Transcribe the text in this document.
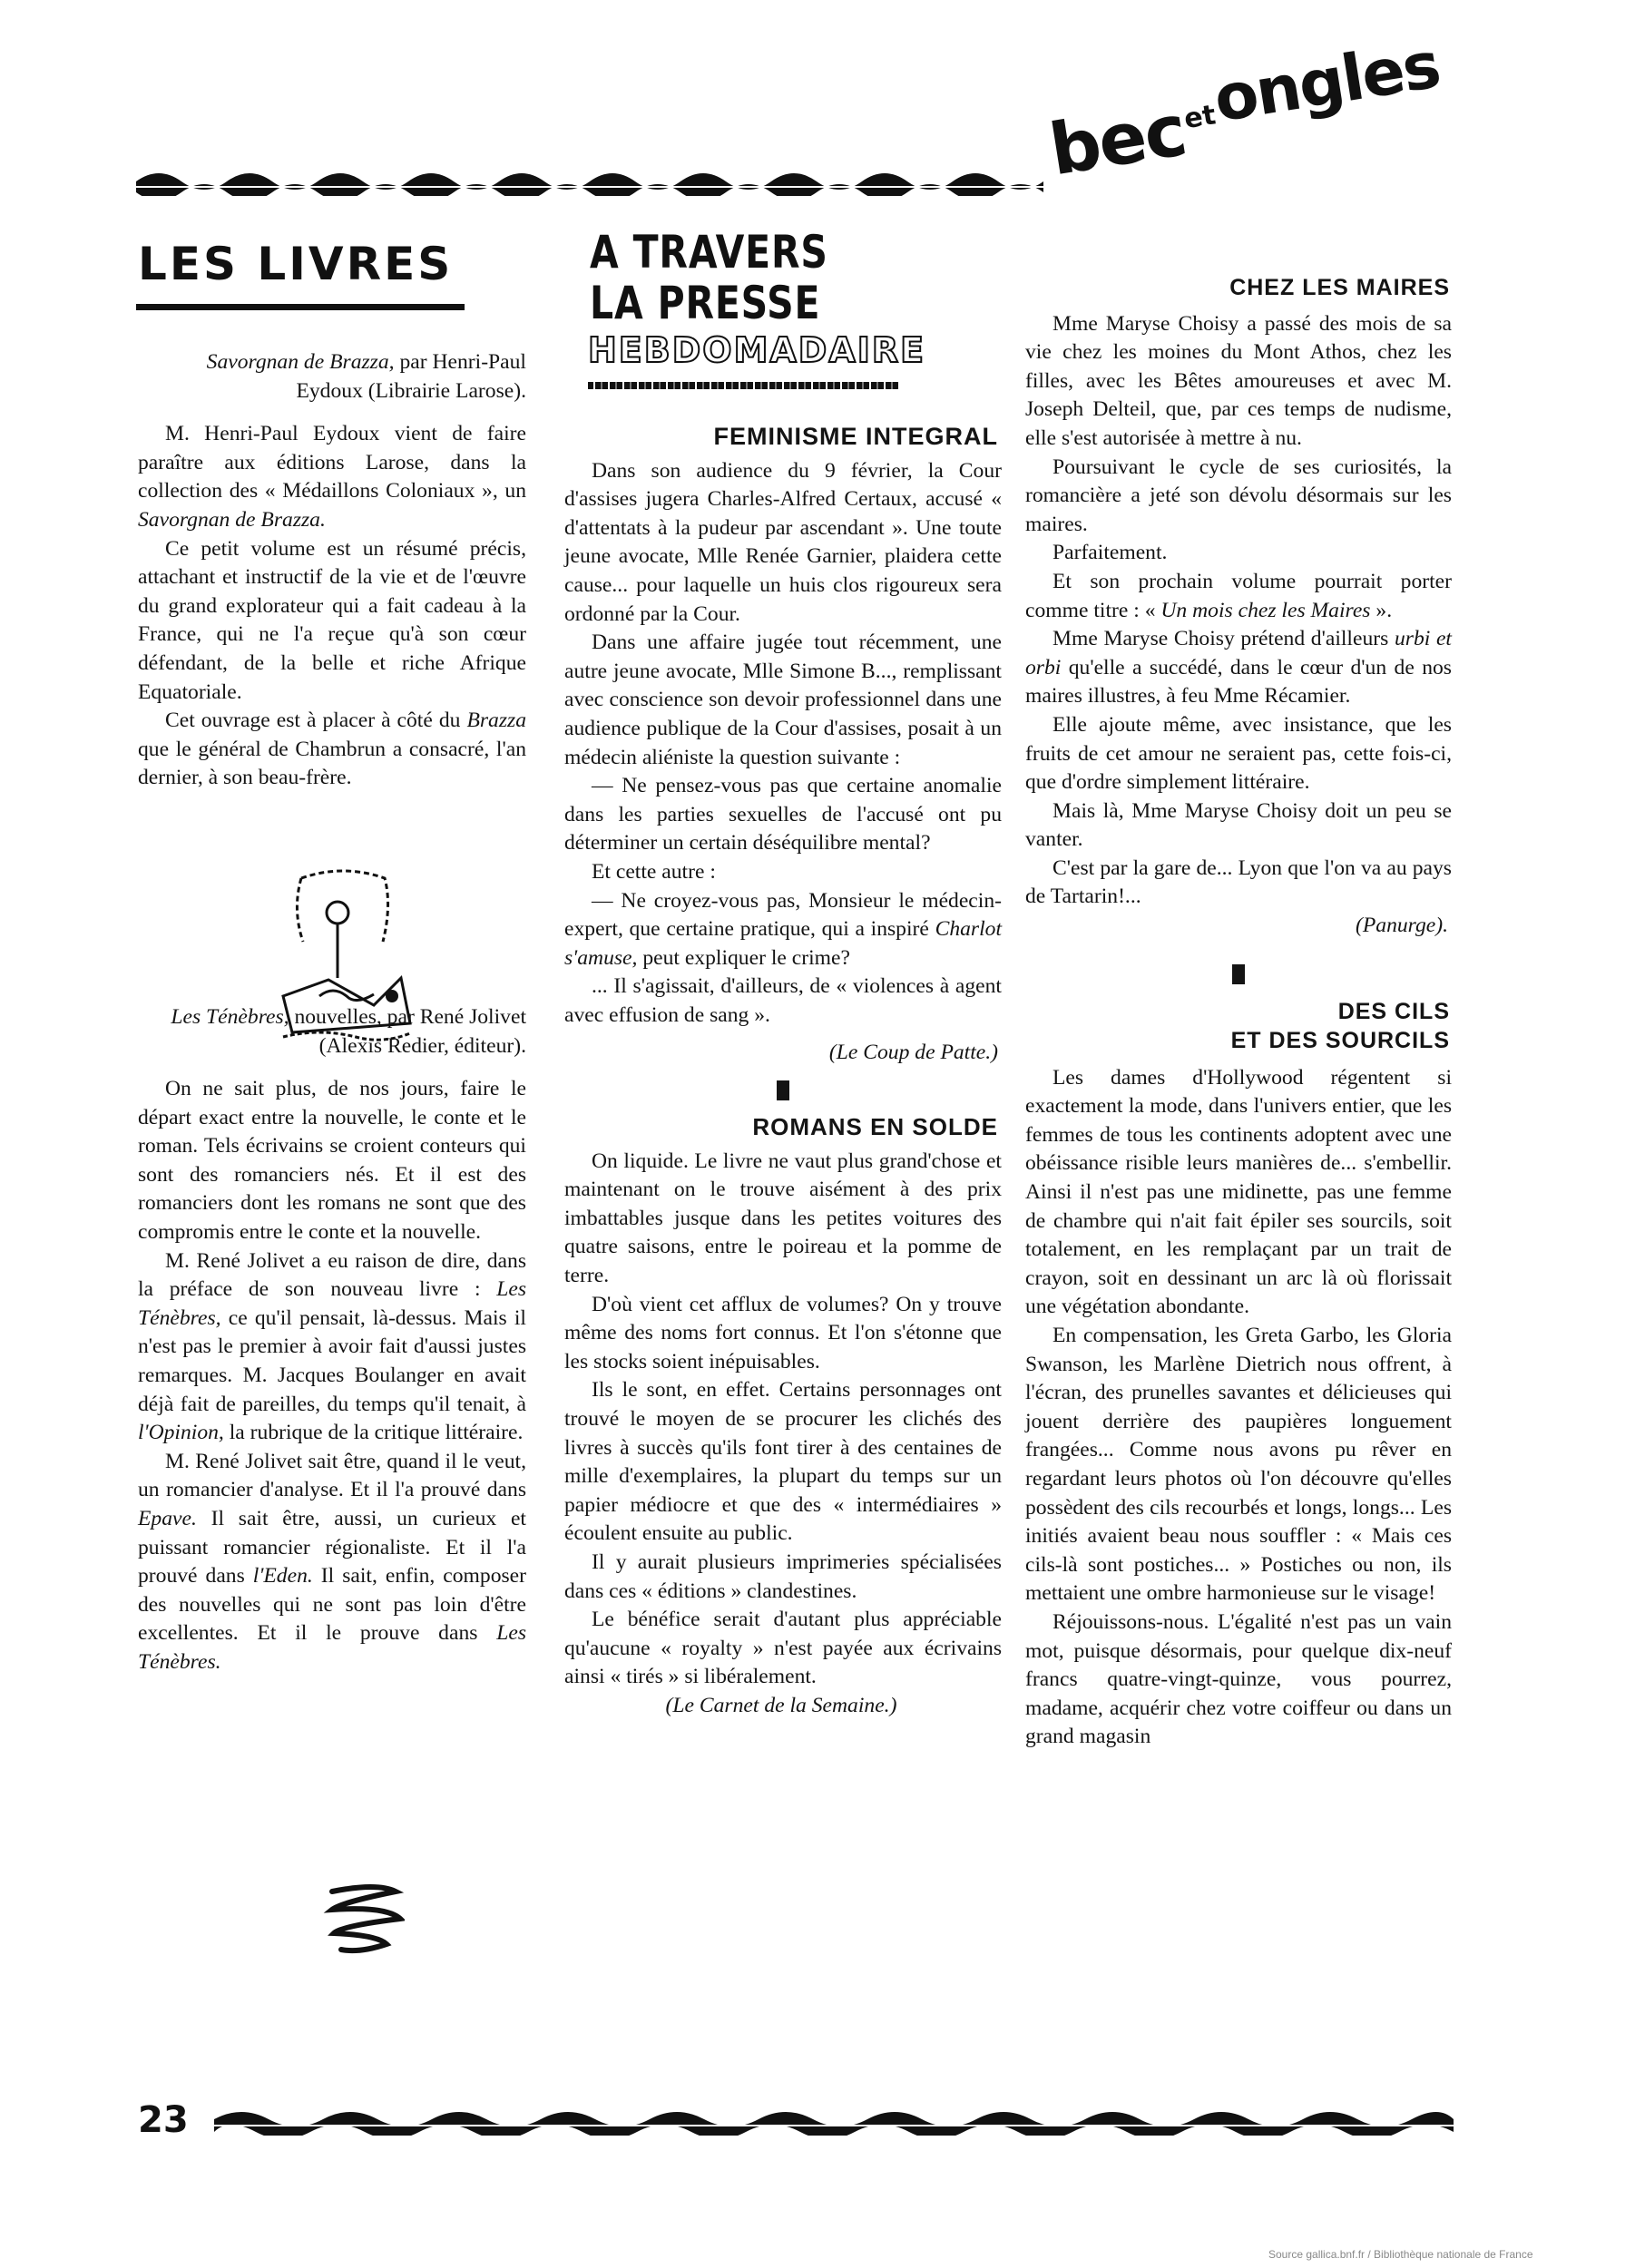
becetongles
LES LIVRES	A TRAVERS
LA PRESSE
HEBDOMADAIRE

Savorgnan de Brazza, par Henri-Paul Eydoux (Librairie Larose).

M. Henri-Paul Eydoux vient de faire paraître aux éditions Larose, dans la collection des « Médaillons Coloniaux », un Savorgnan de Brazza.

Ce petit volume est un résumé précis, attachant et instructif de la vie et de l'œuvre du grand explorateur qui a fait cadeau à la France, qui ne l'a reçue qu'à son cœur défendant, de la belle et riche Afrique Equatoriale.

Cet ouvrage est à placer à côté du Brazza que le général de Chambrun a consacré, l'an dernier, à son beau-frère.

Les Ténèbres, nouvelles, par René Jolivet (Alexis Redier, éditeur).

On ne sait plus, de nos jours, faire le départ exact entre la nouvelle, le conte et le roman. Tels écrivains se croient conteurs qui sont des romanciers nés. Et il est des romanciers dont les romans ne sont que des compromis entre le conte et la nouvelle.

M. René Jolivet a eu raison de dire, dans la préface de son nouveau livre : Les Ténèbres, ce qu'il pensait, là-dessus. Mais il n'est pas le premier à avoir fait d'aussi justes remarques. M. Jacques Boulanger en avait déjà fait de pareilles, du temps qu'il tenait, à l'Opinion, la rubrique de la critique littéraire.

M. René Jolivet sait être, quand il le veut, un romancier d'analyse. Et il l'a prouvé dans Epave. Il sait être, aussi, un curieux et puissant romancier régionaliste. Et il l'a prouvé dans l'Eden. Il sait, enfin, composer des nouvelles qui ne sont pas loin d'être excellentes. Et il le prouve dans Les Ténèbres.

FEMINISME INTEGRAL

Dans son audience du 9 février, la Cour d'assises jugera Charles-Alfred Certaux, accusé « d'attentats à la pudeur par ascendant ». Une toute jeune avocate, Mlle Renée Garnier, plaidera cette cause... pour laquelle un huis clos rigoureux sera ordonné par la Cour.

Dans une affaire jugée tout récemment, une autre jeune avocate, Mlle Simone B..., remplissant avec conscience son devoir professionnel dans une audience publique de la Cour d'assises, posait à un médecin aliéniste la question suivante :

— Ne pensez-vous pas que certaine anomalie dans les parties sexuelles de l'accusé ont pu déterminer un certain déséquilibre mental?

Et cette autre :

— Ne croyez-vous pas, Monsieur le médecin-expert, que certaine pratique, qui a inspiré Charlot s'amuse, peut expliquer le crime?

... Il s'agissait, d'ailleurs, de « violences à agent avec effusion de sang ».

(Le Coup de Patte.)

ROMANS EN SOLDE

On liquide. Le livre ne vaut plus grand'chose et maintenant on le trouve aisément à des prix imbattables jusque dans les petites voitures des quatre saisons, entre le poireau et la pomme de terre.

D'où vient cet afflux de volumes? On y trouve même des noms fort connus. Et l'on s'étonne que les stocks soient inépuisables.

Ils le sont, en effet. Certains personnages ont trouvé le moyen de se procurer les clichés des livres à succès qu'ils font tirer à des centaines de mille d'exemplaires, la plupart du temps sur un papier médiocre et que des « intermédiaires » écoulent ensuite au public.

Il y aurait plusieurs imprimeries spécialisées dans ces « éditions » clandestines.

Le bénéfice serait d'autant plus appréciable qu'aucune « royalty » n'est payée aux écrivains ainsi « tirés » si libéralement.

(Le Carnet de la Semaine.)

CHEZ LES MAIRES

Mme Maryse Choisy a passé des mois de sa vie chez les moines du Mont Athos, chez les filles, avec les Bêtes amoureuses et avec M. Joseph Delteil, que, par ces temps de nudisme, elle s'est autorisée à mettre à nu.

Poursuivant le cycle de ses curiosités, la romancière a jeté son dévolu désormais sur les maires.

Parfaitement.

Et son prochain volume pourrait porter comme titre : « Un mois chez les Maires ».

Mme Maryse Choisy prétend d'ailleurs urbi et orbi qu'elle a succédé, dans le cœur d'un de nos maires illustres, à feu Mme Récamier.

Elle ajoute même, avec insistance, que les fruits de cet amour ne seraient pas, cette fois-ci, que d'ordre simplement littéraire.

Mais là, Mme Maryse Choisy doit un peu se vanter.

C'est par la gare de... Lyon que l'on va au pays de Tartarin!...

(Panurge).

DES CILS
ET DES SOURCILS

Les dames d'Hollywood régentent si exactement la mode, dans l'univers entier, que les femmes de tous les continents adoptent avec une obéissance risible leurs manières de... s'embellir. Ainsi il n'est pas une midinette, pas une femme de chambre qui n'ait fait épiler ses sourcils, soit totalement, en les remplaçant par un trait de crayon, soit en dessinant un arc là où florissait une végétation abondante.

En compensation, les Greta Garbo, les Gloria Swanson, les Marlène Dietrich nous offrent, à l'écran, des prunelles savantes et délicieuses qui jouent derrière des paupières longuement frangées... Comme nous avons pu rêver en regardant leurs photos où l'on découvre qu'elles possèdent des cils recourbés et longs, longs... Les initiés avaient beau nous souffler : « Mais ces cils-là sont postiches... » Postiches ou non, ils mettaient une ombre harmonieuse sur le visage!

Réjouissons-nous. L'égalité n'est pas un vain mot, puisque désormais, pour quelque dix-neuf francs quatre-vingt-quinze, vous pourrez, madame, acquérir chez votre coiffeur ou dans un grand magasin

23
Source gallica.bnf.fr / Bibliothèque nationale de France
